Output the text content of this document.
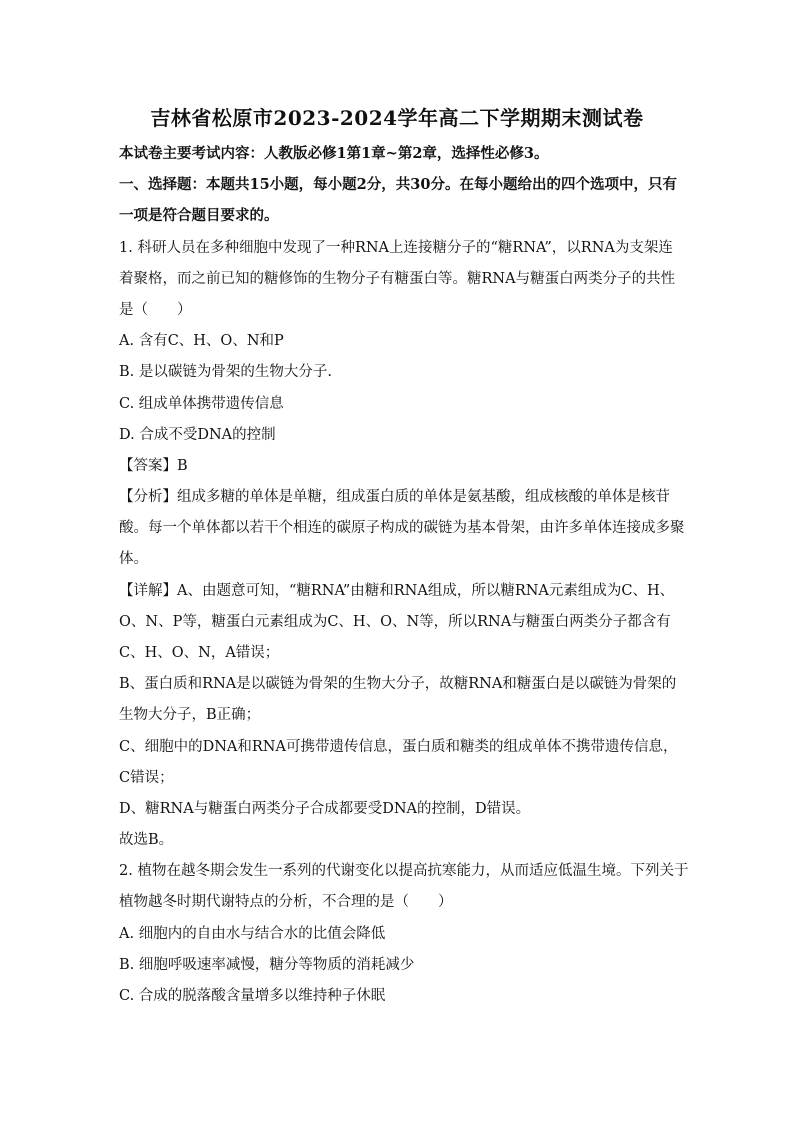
吉林省松原市2023-2024学年高二下学期期末测试卷
本试卷主要考试内容：人教版必修1第1章~第2章，选择性必修3。
一、选择题：本题共15小题，每小题2分，共30分。在每小题给出的四个选项中，只有
一项是符合题目要求的。
1. 科研人员在多种细胞中发现了一种RNA上连接糖分子的“糖RNA”，以RNA为支架连
着聚格，而之前已知的糖修饰的生物分子有糖蛋白等。糖RNA与糖蛋白两类分子的共性
是（　　）
A. 含有C、H、O、N和P
B. 是以碳链为骨架的生物大分子.
C. 组成单体携带遗传信息
D. 合成不受DNA的控制
【答案】B
【分析】组成多糖的单体是单糖，组成蛋白质的单体是氨基酸，组成核酸的单体是核苷
酸。每一个单体都以若干个相连的碳原子构成的碳链为基本骨架，由许多单体连接成多聚
体。
【详解】A、由题意可知，“糖RNA”由糖和RNA组成，所以糖RNA元素组成为C、H、
O、N、P等，糖蛋白元素组成为C、H、O、N等，所以RNA与糖蛋白两类分子都含有
C、H、O、N，A错误；
B、蛋白质和RNA是以碳链为骨架的生物大分子，故糖RNA和糖蛋白是以碳链为骨架的
生物大分子，B正确；
C、细胞中的DNA和RNA可携带遗传信息，蛋白质和糖类的组成单体不携带遗传信息，
C错误；
D、糖RNA与糖蛋白两类分子合成都要受DNA的控制，D错误。
故选B。
2. 植物在越冬期会发生一系列的代谢变化以提高抗寒能力，从而适应低温生境。下列关于
植物越冬时期代谢特点的分析，不合理的是（　　）
A. 细胞内的自由水与结合水的比值会降低
B. 细胞呼吸速率减慢，糖分等物质的消耗减少
C. 合成的脱落酸含量增多以维持种子休眠
